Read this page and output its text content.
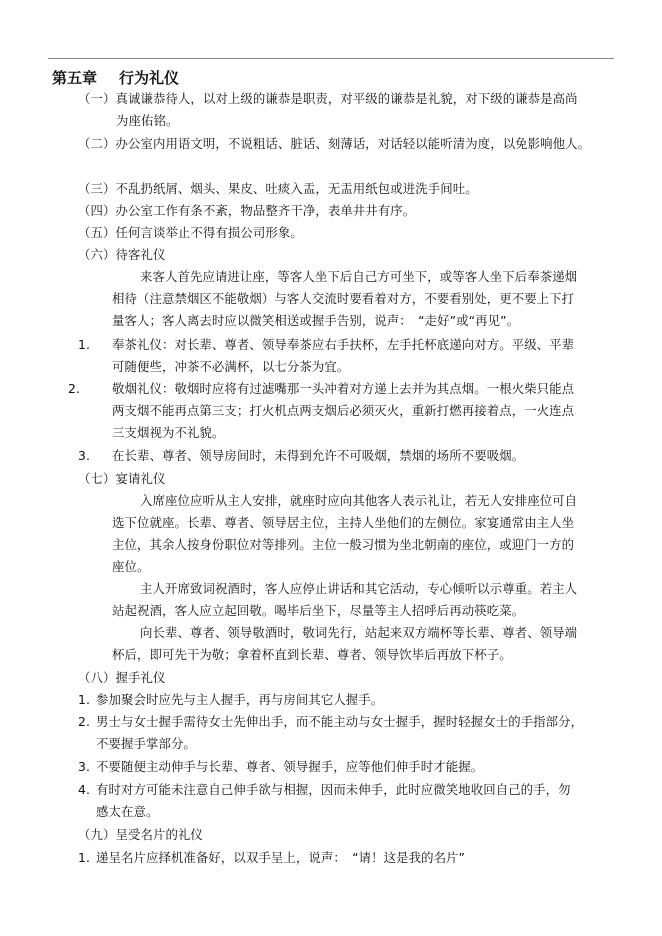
第五章 行为礼仪
（一）真诚谦恭待人，以对上级的谦恭是职责，对平级的谦恭是礼貌，对下级的谦恭是高尚
为座佑铭。
（二）办公室内用语文明，不说粗话、脏话、刻薄话，对话轻以能听清为度，以免影响他人。
（三）不乱扔纸屑、烟头、果皮、吐痰入盂，无盂用纸包或进洗手间吐。
（四）办公室工作有条不紊，物品整齐干净，表单井井有序。
（五）任何言谈举止不得有损公司形象。
（六）待客礼仪
来客人首先应请进让座，等客人坐下后自己方可坐下，或等客人坐下后奉茶递烟
相待（注意禁烟区不能敬烟）与客人交流时要看着对方，不要看别处，更不要上下打
量客人；客人离去时应以微笑相送或握手告别，说声：　“走好”或“再见”。
1. 奉茶礼仪：对长辈、尊者、领导奉茶应右手扶杯，左手托杯底递向对方。平级、平辈
可随便些，冲茶不必满杯，以七分茶为宜。
2.	敬烟礼仪：敬烟时应将有过滤嘴那一头冲着对方递上去并为其点烟。一根火柴只能点
两支烟不能再点第三支；打火机点两支烟后必须灭火，重新打燃再接着点，一火连点
三支烟视为不礼貌。
3. 在长辈、尊者、领导房间时，未得到允许不可吸烟，禁烟的场所不要吸烟。
（七）宴请礼仪
入席座位应听从主人安排，就座时应向其他客人表示礼让，若无人安排座位可自
选下位就座。长辈、尊者、领导居主位，主持人坐他们的左侧位。家宴通常由主人坐
主位，其余人按身份职位对等排列。主位一般习惯为坐北朝南的座位，或迎门一方的
座位。
主人开席致词祝酒时，客人应停止讲话和其它活动，专心倾听以示尊重。若主人
站起祝酒，客人应立起回敬。喝毕后坐下，尽量等主人招呼后再动筷吃菜。
向长辈、尊者、领导敬酒时，敬词先行，站起来双方端杯等长辈、尊者、领导端
杯后，即可先干为敬；拿着杯直到长辈、尊者、领导饮毕后再放下杯子。
（八）握手礼仪
1. 参加聚会时应先与主人握手，再与房间其它人握手。
2. 男士与女士握手需待女士先伸出手，而不能主动与女士握手，握时轻握女士的手指部分，
不要握手掌部分。
3. 不要随便主动伸手与长辈、尊者、领导握手，应等他们伸手时才能握。
4. 有时对方可能未注意自己伸手欲与相握，因而未伸手，此时应微笑地收回自己的手，勿
感太在意。
（九）呈受名片的礼仪
1. 递呈名片应择机准备好，以双手呈上，说声：　“请！这是我的名片”
